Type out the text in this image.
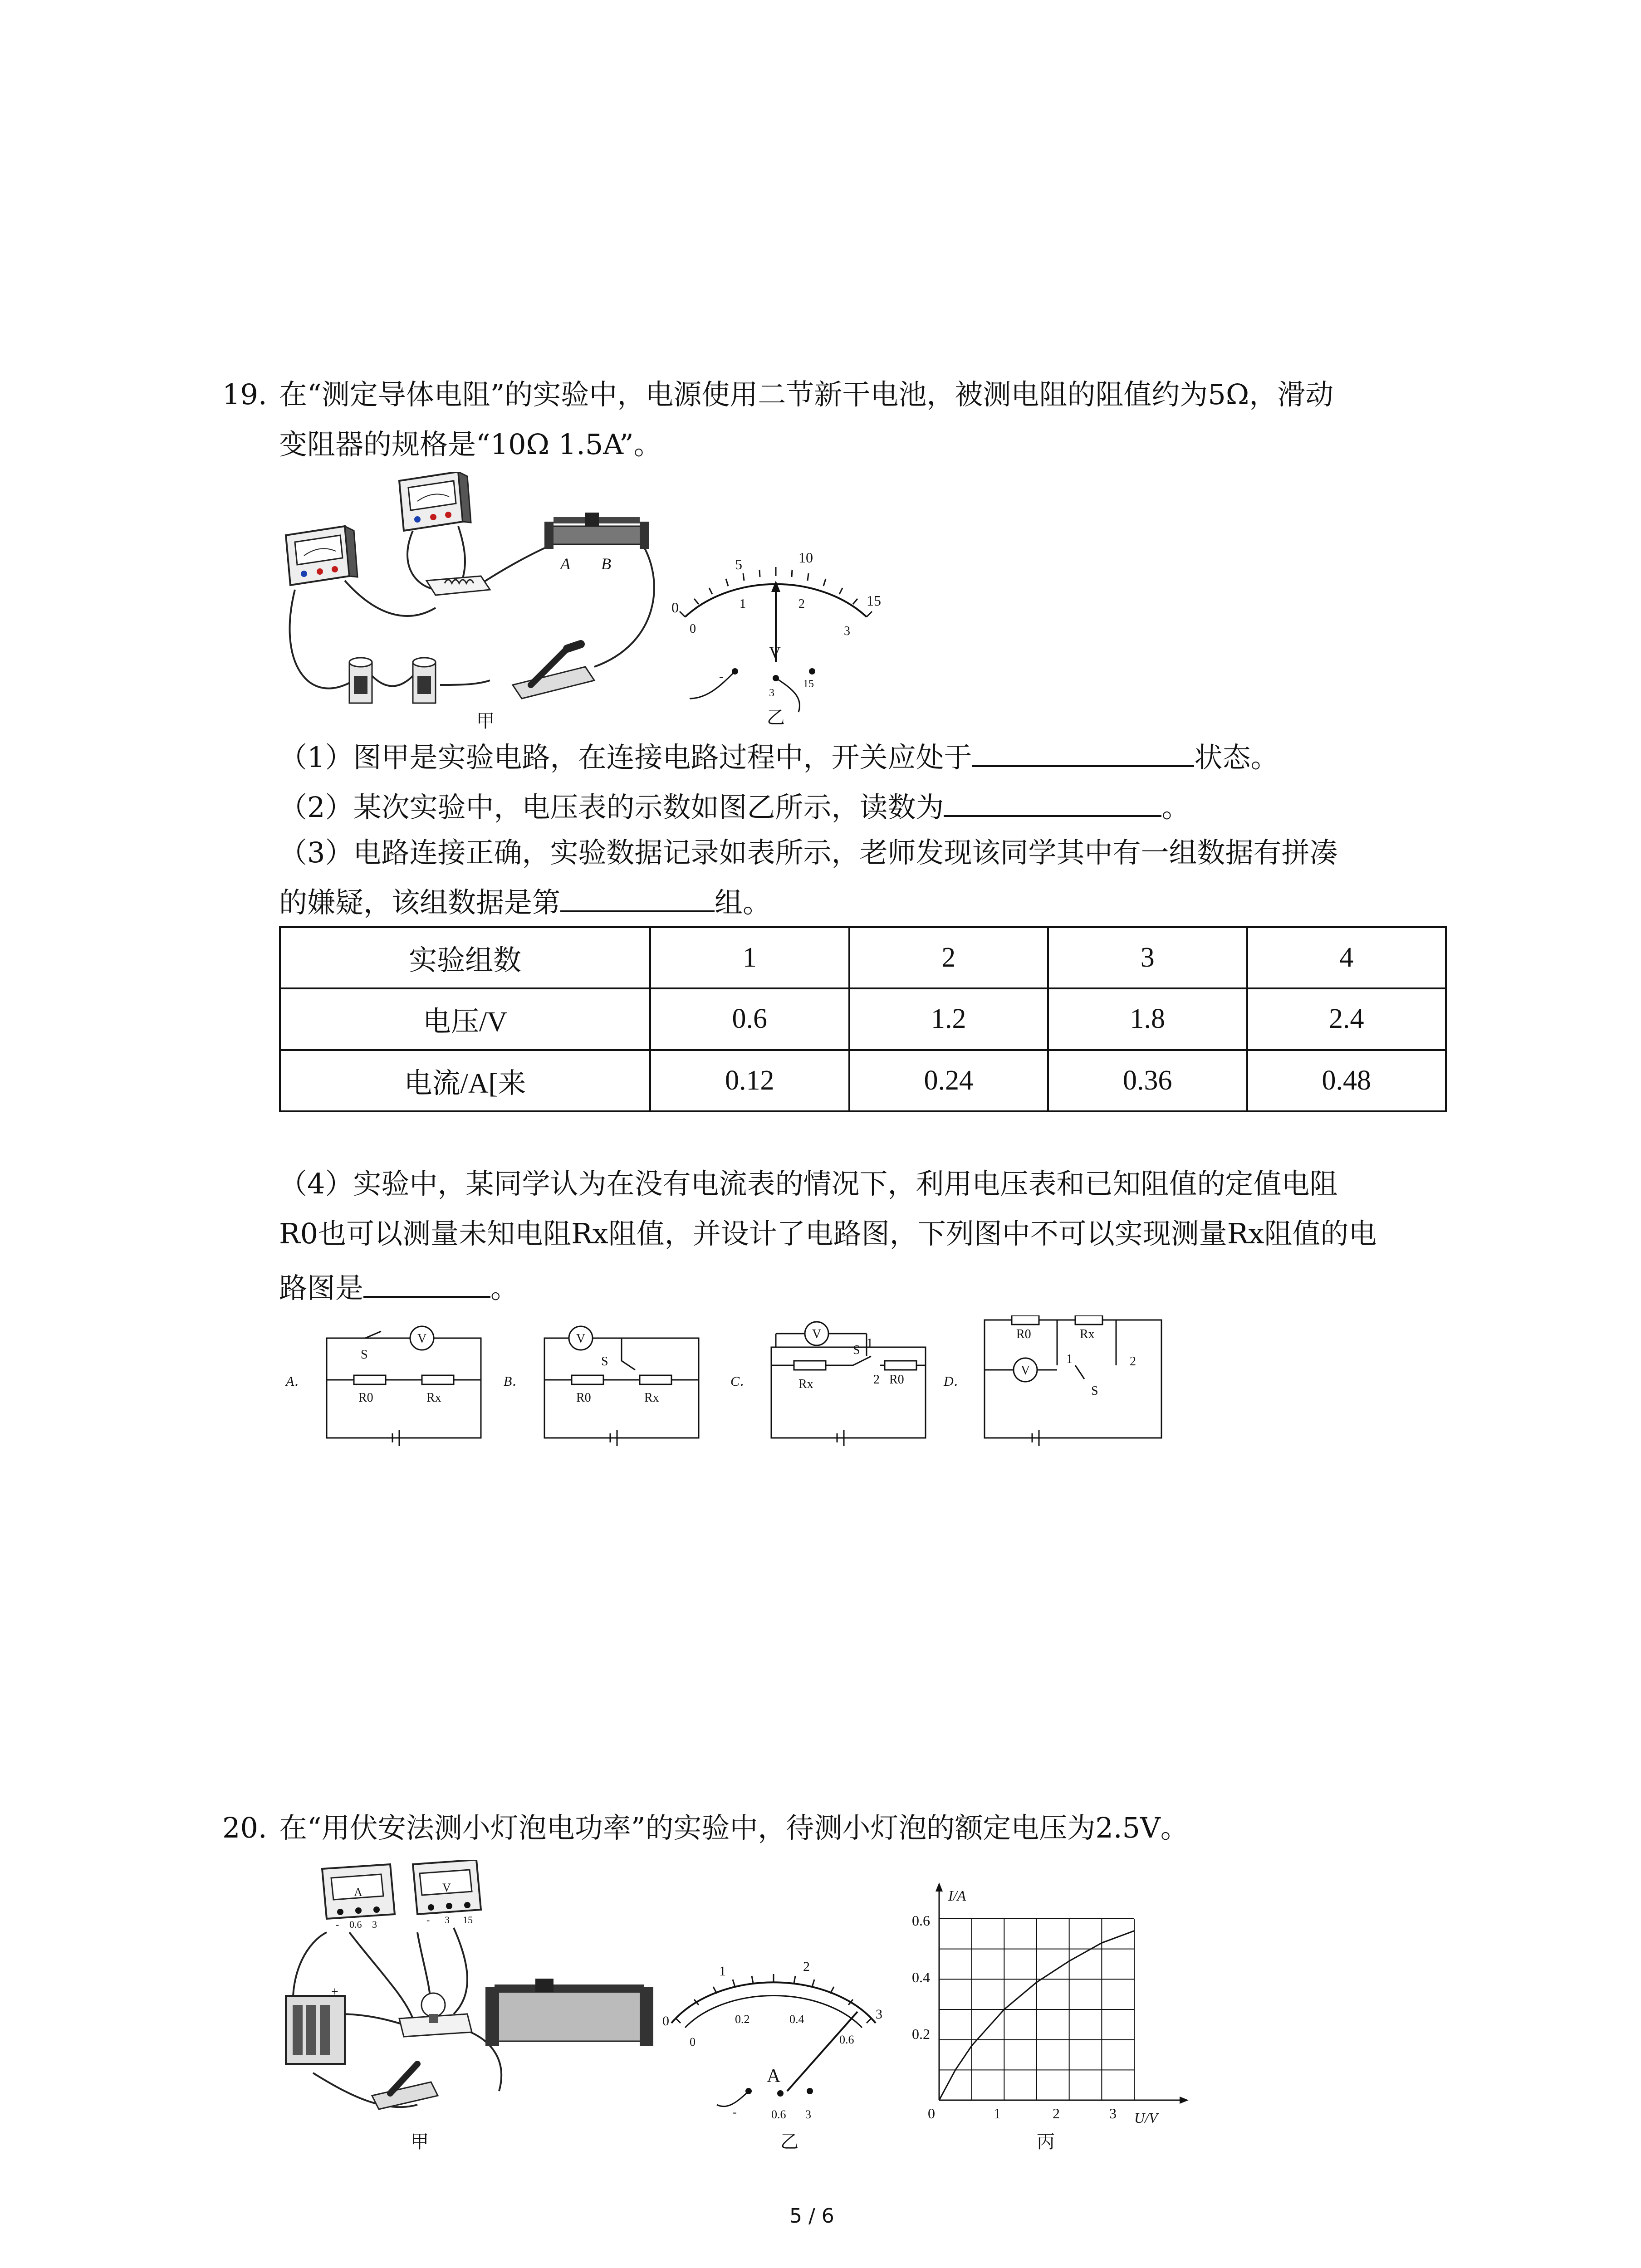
19. 在“测定导体电阻”的实验中，电源使用二节新干电池，被测电阻的阻值约为5Ω，滑动
变阻器的规格是“10Ω 1.5A”。
A B
甲
0
5	10
15
0
1	2
3
V
-
3
15
乙
（1）图甲是实验电路，在连接电路过程中，开关应处于	状态。
（2）某次实验中，电压表的示数如图乙所示，读数为	。
（3）电路连接正确，实验数据记录如表所示，老师发现该同学其中有一组数据有拼凑
的嫌疑，该组数据是第	组。
实验组数	1	2	3	4
电压/V	0.6	1.2	1.8	2.4
电流/A[来	0.12	0.24	0.36	0.48
（4）实验中，某同学认为在没有电流表的情况下，利用电压表和已知阻值的定值电阻
R0也可以测量未知电阻Rx阻值，并设计了电路图，下列图中不可以实现测量Rx阻值的电
路图是	。
A．	B．	C．	D．
S
V
R0	Rx
V
S
R0	Rx
V
S 1
Rx	2 R0
R0	Rx
1	2
V
S
20. 在“用伏安法测小灯泡电功率”的实验中，待测小灯泡的额定电压为2.5V。
A
- 0.6 3
V
- 3 15
+
甲
0
1	2
3
0
0.2	0.4
0.6
A
-	0.6 3
乙
I/A
U/V
0.6
0.4
0.2
0	1	2	3
丙
5 / 6
